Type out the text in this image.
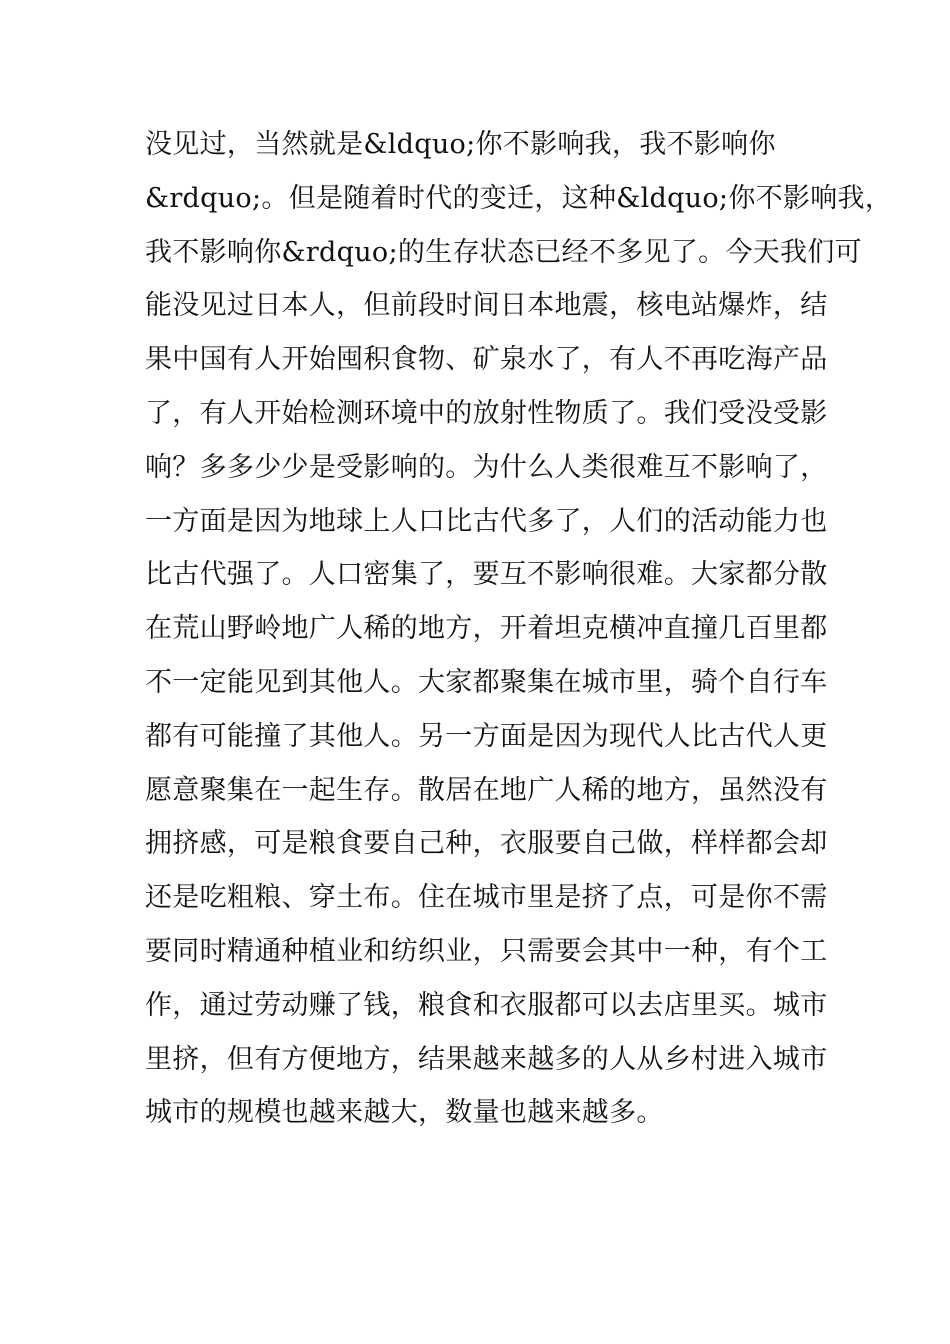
没见过，当然就是&ldquo;你不影响我，我不影响你
&rdquo;。但是随着时代的变迁，这种&ldquo;你不影响我，
我不影响你&rdquo;的生存状态已经不多见了。今天我们可
能没见过日本人，但前段时间日本地震，核电站爆炸，结
果中国有人开始囤积食物、矿泉水了，有人不再吃海产品
了，有人开始检测环境中的放射性物质了。我们受没受影
响？多多少少是受影响的。为什么人类很难互不影响了，
一方面是因为地球上人口比古代多了，人们的活动能力也
比古代强了。人口密集了，要互不影响很难。大家都分散
在荒山野岭地广人稀的地方，开着坦克横冲直撞几百里都
不一定能见到其他人。大家都聚集在城市里，骑个自行车
都有可能撞了其他人。另一方面是因为现代人比古代人更
愿意聚集在一起生存。散居在地广人稀的地方，虽然没有
拥挤感，可是粮食要自己种，衣服要自己做，样样都会却
还是吃粗粮、穿土布。住在城市里是挤了点，可是你不需
要同时精通种植业和纺织业，只需要会其中一种，有个工
作，通过劳动赚了钱，粮食和衣服都可以去店里买。城市
里挤，但有方便地方，结果越来越多的人从乡村进入城市
城市的规模也越来越大，数量也越来越多。
